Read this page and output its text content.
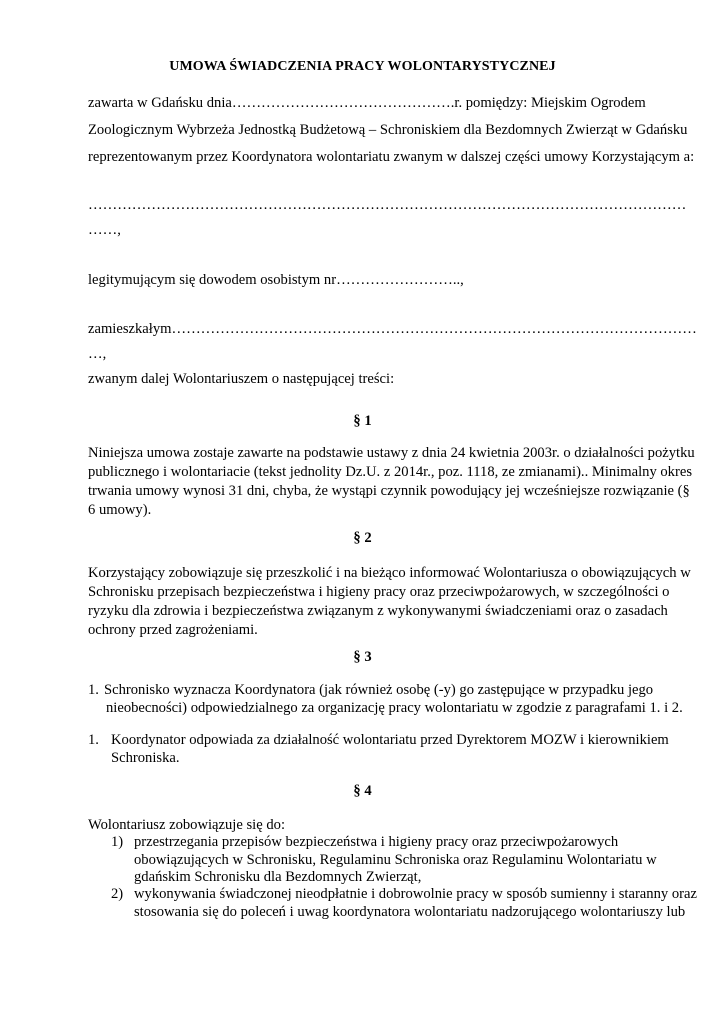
UMOWA ŚWIADCZENIA PRACY WOLONTARYSTYCZNEJ
zawarta w Gdańsku dnia……………………………………….r. pomiędzy: Miejskim Ogrodem
Zoologicznym Wybrzeża Jednostką Budżetową – Schroniskiem dla Bezdomnych Zwierząt w Gdańsku
reprezentowanym przez Koordynatora wolontariatu zwanym w dalszej części umowy Korzystającym a:
……………………………………………………………………………………………………………
……,
legitymującym się dowodem osobistym nr……………………..,
zamieszkałym………………………………………………………………………………………………
…,
zwanym dalej Wolontariuszem o następującej treści:
§ 1
Niniejsza umowa zostaje zawarte na podstawie ustawy z dnia 24 kwietnia 2003r. o działalności pożytku publicznego i wolontariacie (tekst jednolity Dz.U. z 2014r., poz. 1118, ze zmianami).. Minimalny okres trwania umowy wynosi 31 dni, chyba, że wystąpi czynnik powodujący jej wcześniejsze rozwiązanie (§ 6 umowy).
§ 2
Korzystający zobowiązuje się przeszkolić i na bieżąco informować Wolontariusza o obowiązujących w Schronisku przepisach bezpieczeństwa i higieny pracy oraz przeciwpożarowych, w szczególności o ryzyku dla zdrowia i bezpieczeństwa związanym z wykonywanymi świadczeniami oraz o zasadach ochrony przed zagrożeniami.
§ 3
1. Schronisko wyznacza Koordynatora (jak również osobę (-y) go zastępujące w przypadku jego
nieobecności) odpowiedzialnego za organizację pracy wolontariatu w zgodzie z paragrafami 1. i 2.
1. Koordynator odpowiada za działalność wolontariatu przed Dyrektorem MOZW i kierownikiem
Schroniska.
§ 4
Wolontariusz zobowiązuje się do:
1) przestrzegania przepisów bezpieczeństwa i higieny pracy oraz przeciwpożarowych
obowiązujących w Schronisku, Regulaminu Schroniska oraz Regulaminu Wolontariatu w
gdańskim Schronisku dla Bezdomnych Zwierząt,
2) wykonywania świadczonej nieodpłatnie i dobrowolnie pracy w sposób sumienny i staranny oraz
stosowania się do poleceń i uwag koordynatora wolontariatu nadzorującego wolontariuszy lub
